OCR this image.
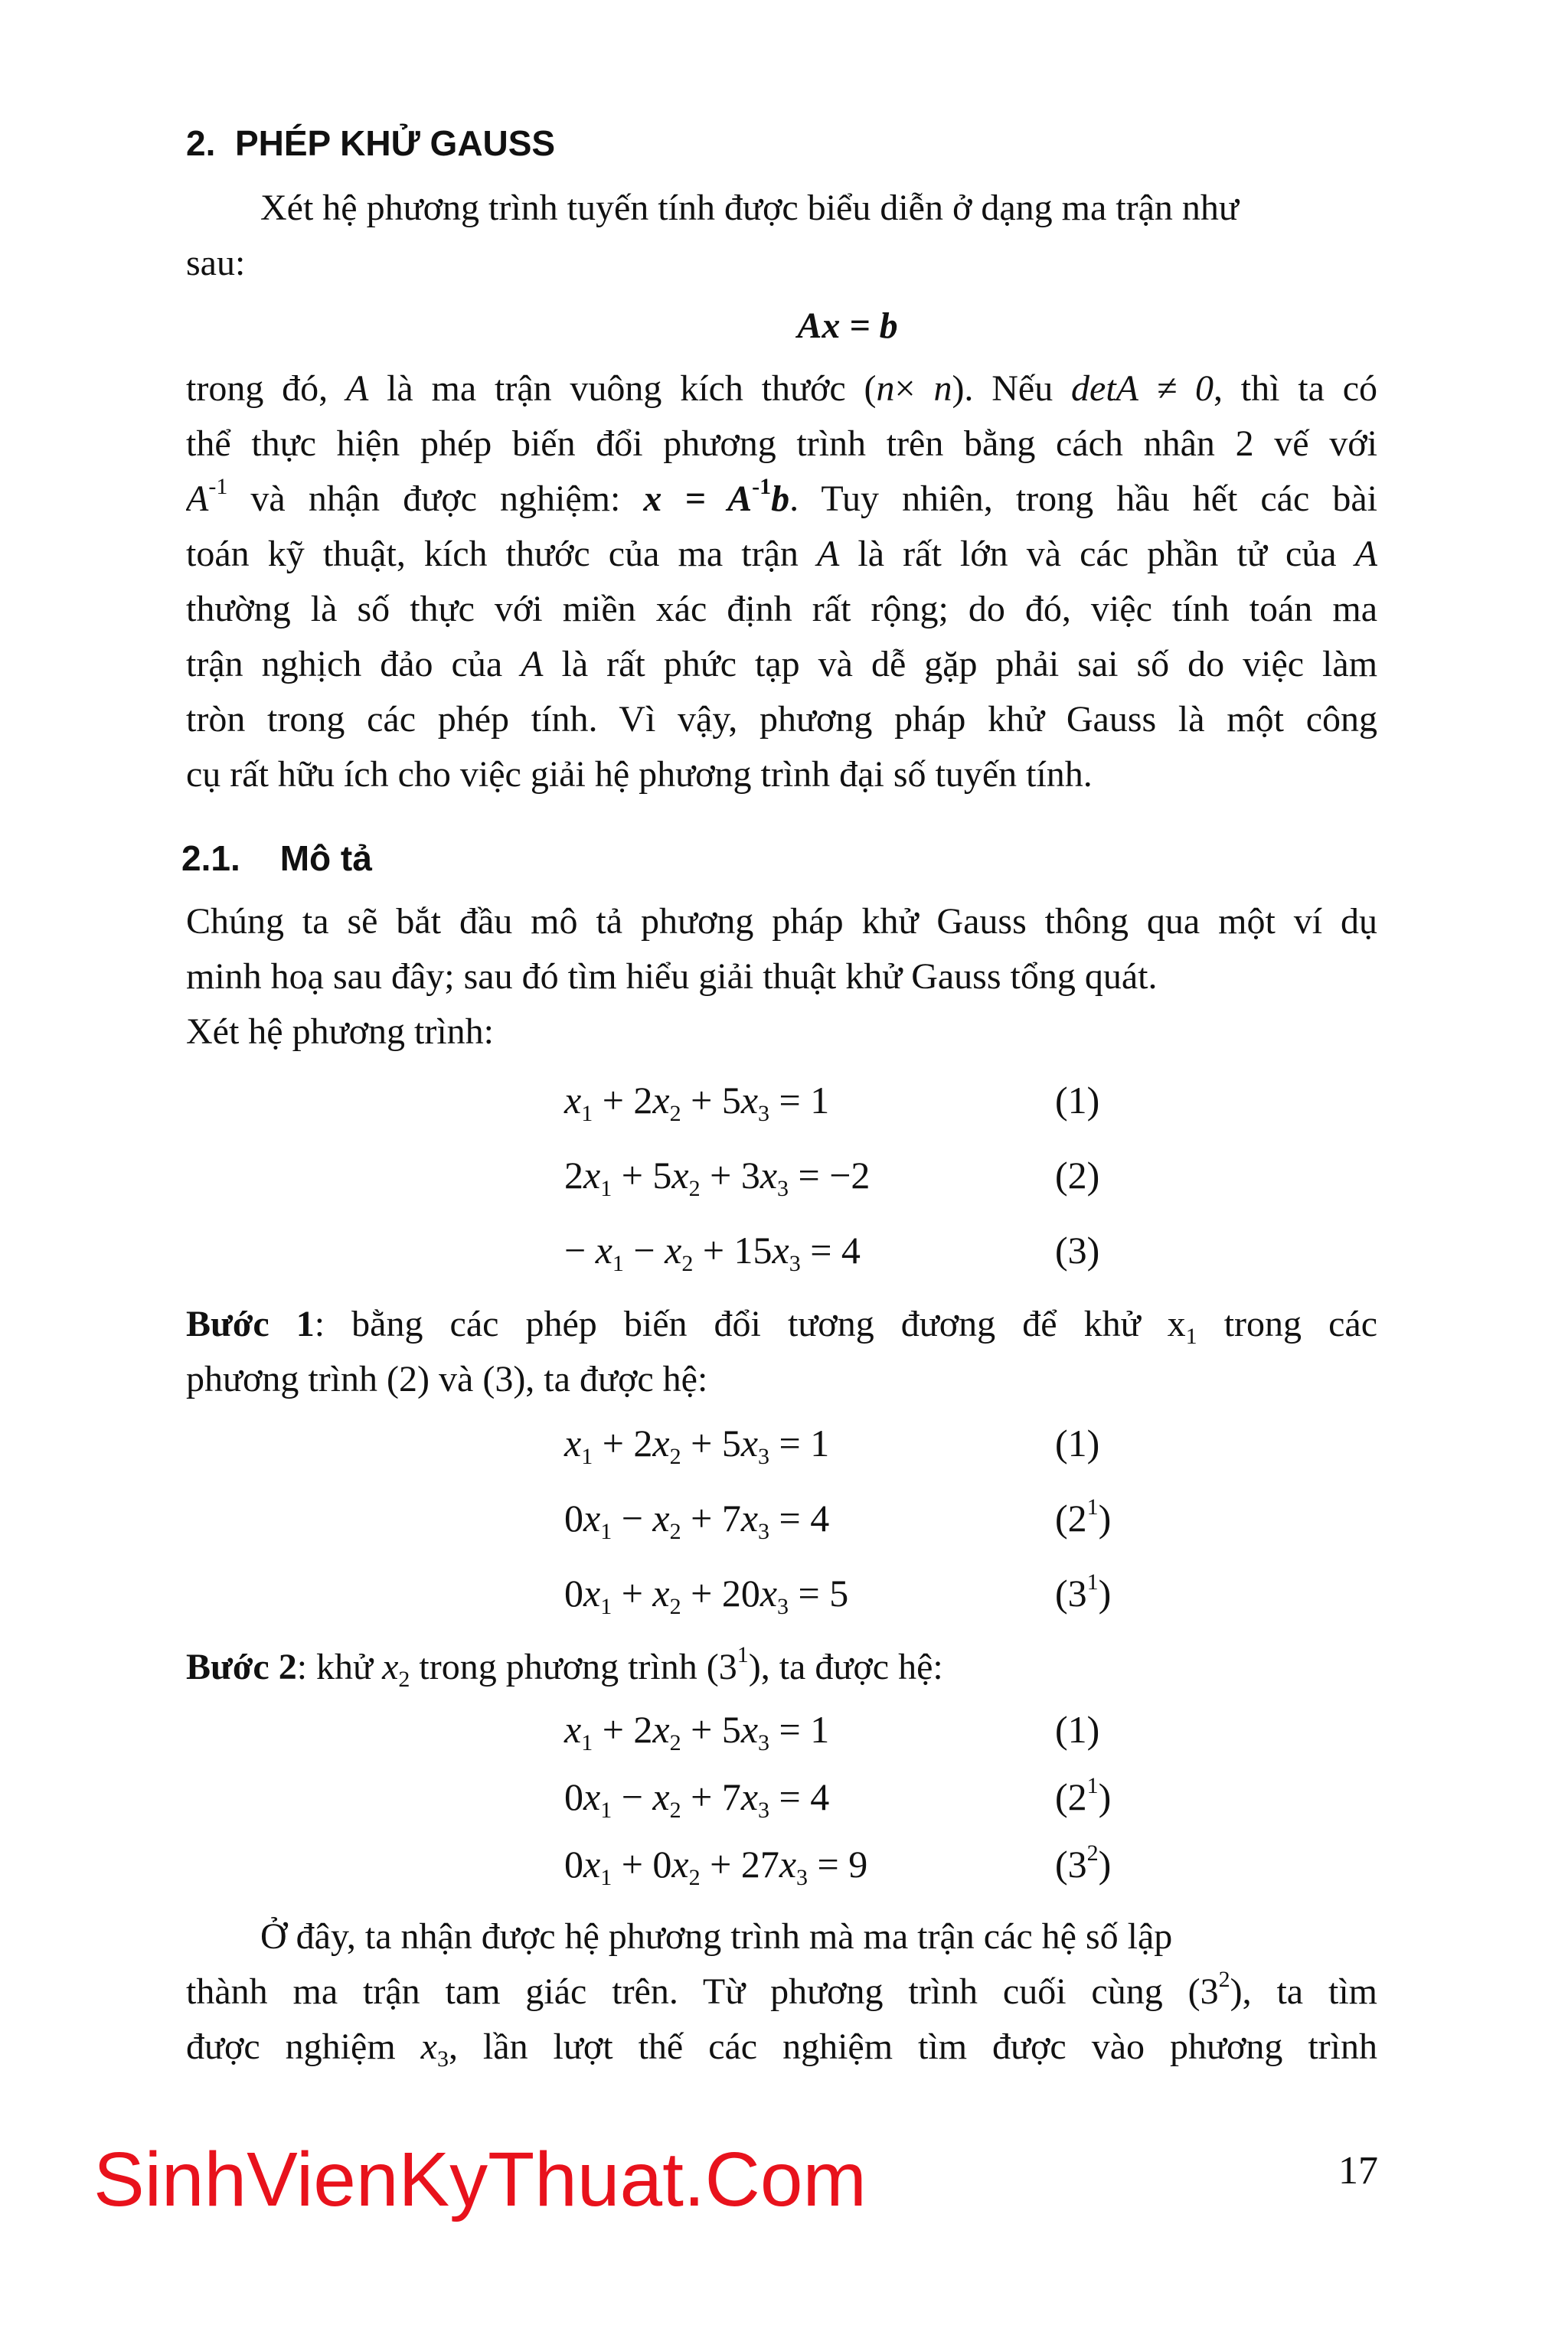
2. PHÉP KHỬ GAUSS
Xét hệ phương trình tuyến tính được biểu diễn ở dạng ma trận như
sau:
Ax = b
trong đó, A là ma trận vuông kích thước (n× n). Nếu detA ≠ 0, thì ta có
thể thực hiện phép biến đổi phương trình trên bằng cách nhân 2 vế với
$A^{-1}$ và nhận được nghiệm: $x = A^{-1}b$. Tuy nhiên, trong hầu hết các bài
toán kỹ thuật, kích thước của ma trận A là rất lớn và các phần tử của A
thường là số thực với miền xác định rất rộng; do đó, việc tính toán ma
trận nghịch đảo của A là rất phức tạp và dễ gặp phải sai số do việc làm
tròn trong các phép tính. Vì vậy, phương pháp khử Gauss là một công
cụ rất hữu ích cho việc giải hệ phương trình đại số tuyến tính.
2.1. Mô tả
Chúng ta sẽ bắt đầu mô tả phương pháp khử Gauss thông qua một ví dụ
minh hoạ sau đây; sau đó tìm hiểu giải thuật khử Gauss tổng quát.
Xét hệ phương trình:
$x_1 + 2x_2 + 5x_3 = 1$	(1)
$2x_1 + 5x_2 + 3x_3 = -2$	(2)
− $x_1 - x_2 + 15x_3 = 4$	(3)
Bước 1: bằng các phép biến đổi tương đương để khử $x_1$ trong các
phương trình (2) và (3), ta được hệ:
$x_1 + 2x_2 + 5x_3 = 1$	(1)
$0x_1 - x_2 + 7x_3 = 4$	$(2^1)$
$0x_1 + x_2 + 20x_3 = 5$	$(3^1)$
Bước 2: khử $x_2$ trong phương trình $(3^1)$, ta được hệ:
$x_1 + 2x_2 + 5x_3 = 1$	(1)
$0x_1 - x_2 + 7x_3 = 4$	$(2^1)$
$0x_1 + 0x_2 + 27x_3 = 9$	$(3^2)$
Ở đây, ta nhận được hệ phương trình mà ma trận các hệ số lập
thành ma trận tam giác trên. Từ phương trình cuối cùng $(3^2)$, ta tìm
được nghiệm $x_3$, lần lượt thế các nghiệm tìm được vào phương trình
SinhVienKyThuat.Com	17
